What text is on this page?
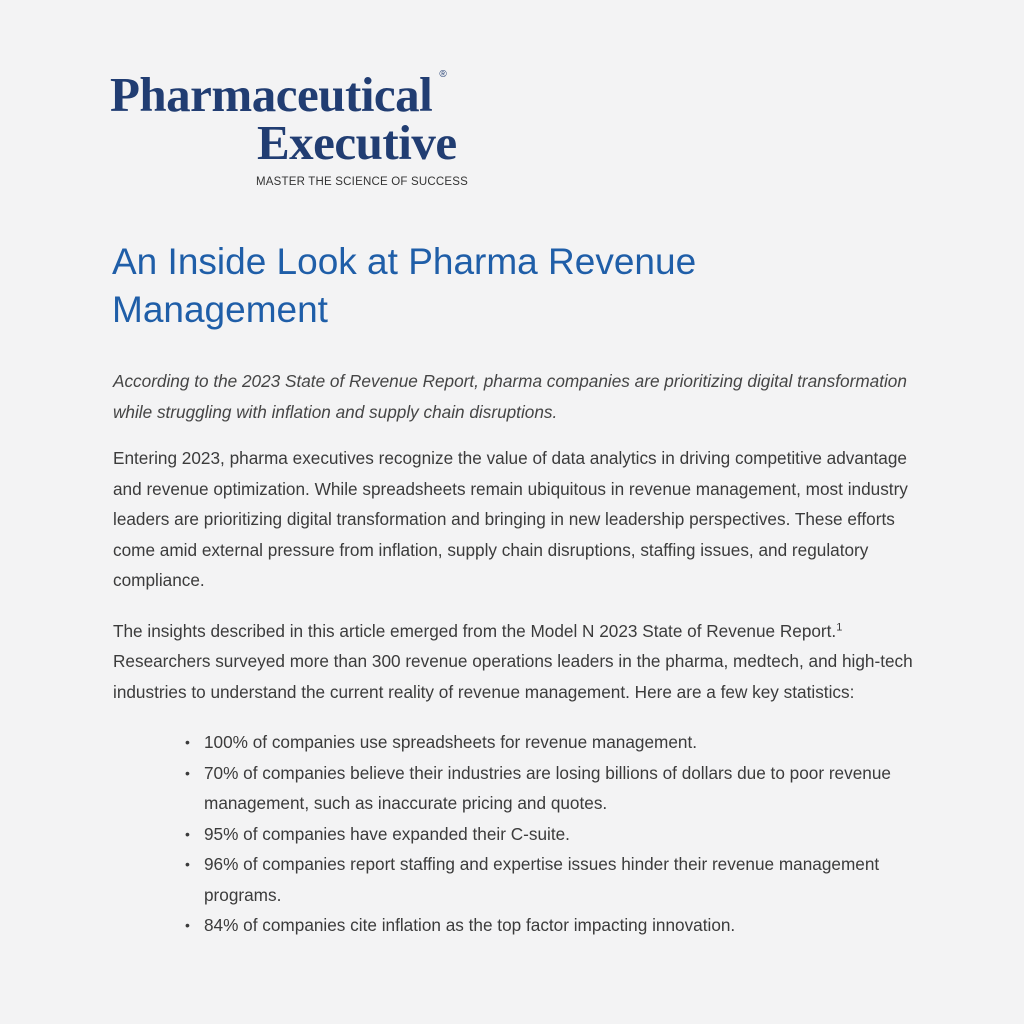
Pharmaceutical ®
Executive
MASTER THE SCIENCE OF SUCCESS
An Inside Look at Pharma Revenue Management

According to the 2023 State of Revenue Report, pharma companies are prioritizing digital transformation while struggling with inflation and supply chain disruptions.

Entering 2023, pharma executives recognize the value of data analytics in driving competitive advantage and revenue optimization. While spreadsheets remain ubiquitous in revenue management, most industry leaders are prioritizing digital transformation and bringing in new leadership perspectives. These efforts come amid external pressure from inflation, supply chain disruptions, staffing issues, and regulatory compliance.

The insights described in this article emerged from the Model N 2023 State of Revenue Report.$^1$ Researchers surveyed more than 300 revenue operations leaders in the pharma, medtech, and high-tech industries to understand the current reality of revenue management. Here are a few key statistics:

• 100% of companies use spreadsheets for revenue management.
• 70% of companies believe their industries are losing billions of dollars due to poor revenue management, such as inaccurate pricing and quotes.
• 95% of companies have expanded their C-suite.
• 96% of companies report staffing and expertise issues hinder their revenue management programs.
• 84% of companies cite inflation as the top factor impacting innovation.
